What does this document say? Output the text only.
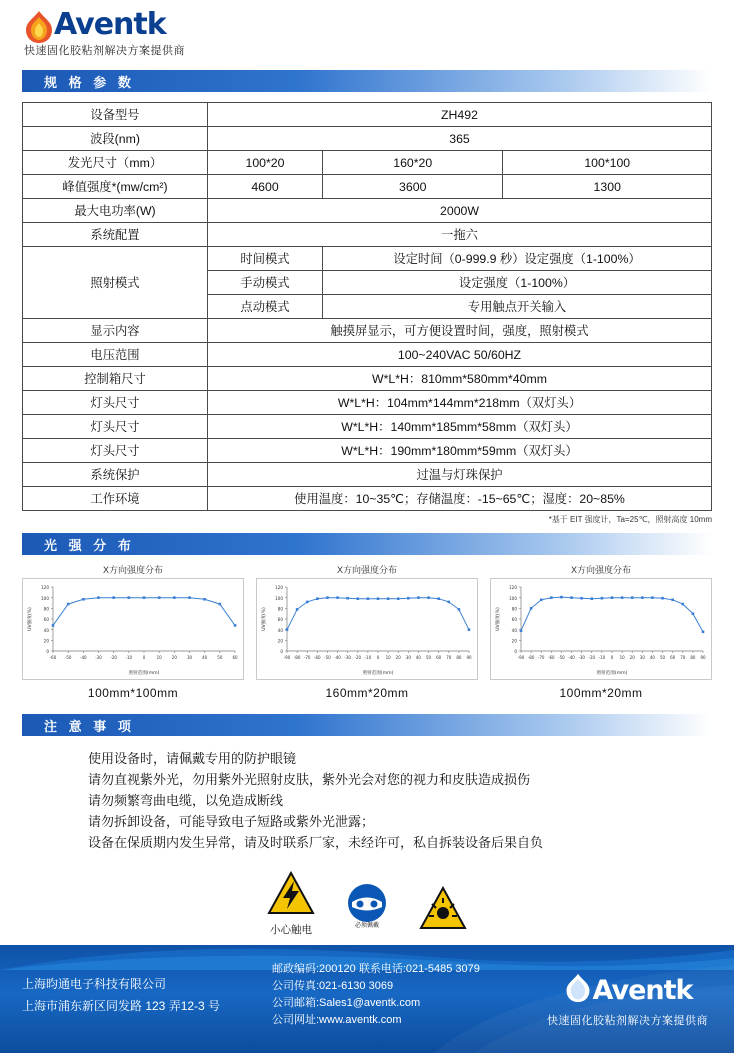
Aventk
快速固化胶粘剂解决方案提供商
规 格 参 数
设备型号	ZH492		
波段(nm)	365		
发光尺寸（mm）	100*20	160*20	100*100
峰值强度*(mw/cm²)	4600	3600	1300
最大电功率(W)	2000W		
系统配置	一拖六		
照射模式	时间模式	设定时间（0-999.9 秒）设定强度（1-100%）	
	手动模式	设定强度（1-100%）	
	点动模式	专用触点开关输入	
显示内容	触摸屏显示，可方便设置时间，强度，照射模式		
电压范围	100~240VAC 50/60HZ		
控制箱尺寸	W*L*H：810mm*580mm*40mm		
灯头尺寸	W*L*H：104mm*144mm*218mm（双灯头）		
灯头尺寸	W*L*H：140mm*185mm*58mm（双灯头）		
灯头尺寸	W*L*H：190mm*180mm*59mm（双灯头）		
系统保护	过温与灯珠保护		
工作环境	使用温度：10~35℃；存储温度：-15~65℃；湿度：20~85%		
*基于 EIT 强度计，Ta=25℃，照射高度 10mm
光 强 分 布
X方向强度分布
0
20
40
60
80
100
120
-60 -50 -40 -30 -20 -10	0	10	20	30	40	50	60
照射范围(mm)
UV强度(%)
100mm*100mm
X方向强度分布
0
20
40
60
80
100
120
-90 -80 -70 -60 -50 -40 -30 -20 -10 0 10 20 30 40 50 60 70 80 90
照射范围(mm)
UV强度(%)
160mm*20mm
X方向强度分布
0
20
40
60
80
100
120
-90 -80 -70 -60 -50 -40 -30 -20 -10 0 10 20 30 40 50 60 70 80 90
照射范围(mm)
UV强度(%)
100mm*20mm
注 意 事 项
使用设备时，请佩戴专用的防护眼镜
请勿直视紫外光，勿用紫外光照射皮肤，紫外光会对您的视力和皮肤造成损伤
请勿频繁弯曲电缆，以免造成断线
请勿拆卸设备，可能导致电子短路或紫外光泄露；
设备在保质期内发生异常，请及时联系厂家，未经许可，私自拆装设备后果自负
小心触电	必须佩戴
上海昀通电子科技有限公司
上海市浦东新区同发路 123 弄12-3 号
邮政编码:200120 联系电话:021-5485 3079
公司传真:021-6130 3069
公司邮箱:Sales1@aventk.com
公司网址:www.aventk.com
Aventk
快速固化胶粘剂解决方案提供商
